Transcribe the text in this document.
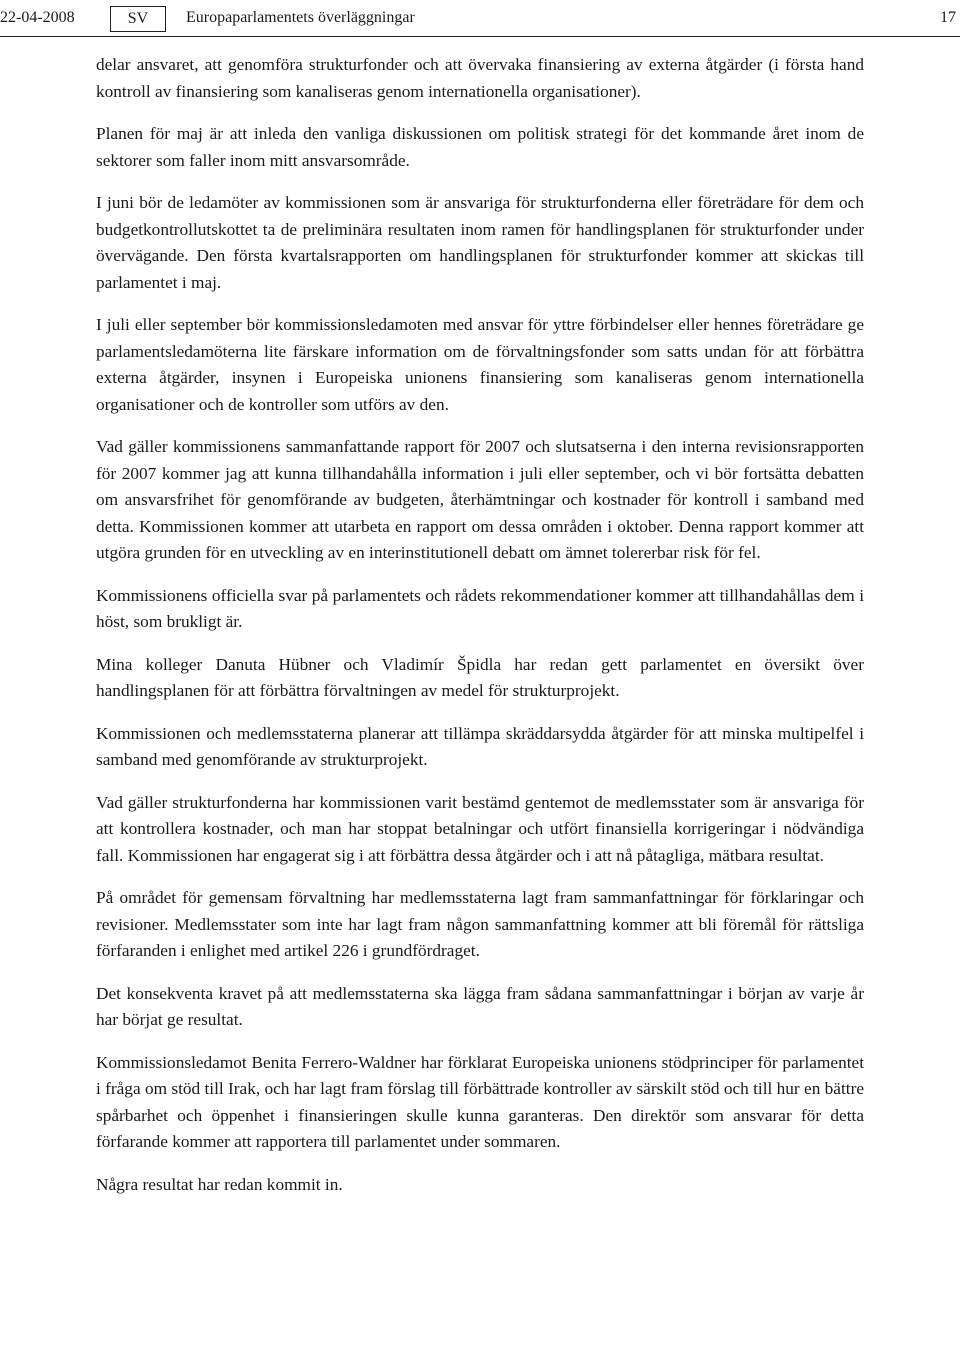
22-04-2008	SV	Europaparlamentets överläggningar	17

delar ansvaret, att genomföra strukturfonder och att övervaka finansiering av externa åtgärder (i första hand kontroll av finansiering som kanaliseras genom internationella organisationer).

Planen för maj är att inleda den vanliga diskussionen om politisk strategi för det kommande året inom de sektorer som faller inom mitt ansvarsområde.

I juni bör de ledamöter av kommissionen som är ansvariga för strukturfonderna eller företrädare för dem och budgetkontrollutskottet ta de preliminära resultaten inom ramen för handlingsplanen för strukturfonder under övervägande. Den första kvartalsrapporten om handlingsplanen för strukturfonder kommer att skickas till parlamentet i maj.

I juli eller september bör kommissionsledamoten med ansvar för yttre förbindelser eller hennes företrädare ge parlamentsledamöterna lite färskare information om de förvaltningsfonder som satts undan för att förbättra externa åtgärder, insynen i Europeiska unionens finansiering som kanaliseras genom internationella organisationer och de kontroller som utförs av den.

Vad gäller kommissionens sammanfattande rapport för 2007 och slutsatserna i den interna revisionsrapporten för 2007 kommer jag att kunna tillhandahålla information i juli eller september, och vi bör fortsätta debatten om ansvarsfrihet för genomförande av budgeten, återhämtningar och kostnader för kontroll i samband med detta. Kommissionen kommer att utarbeta en rapport om dessa områden i oktober. Denna rapport kommer att utgöra grunden för en utveckling av en interinstitutionell debatt om ämnet tolererbar risk för fel.

Kommissionens officiella svar på parlamentets och rådets rekommendationer kommer att tillhandahållas dem i höst, som brukligt är.

Mina kolleger Danuta Hübner och Vladimír Špidla har redan gett parlamentet en översikt över handlingsplanen för att förbättra förvaltningen av medel för strukturprojekt.

Kommissionen och medlemsstaterna planerar att tillämpa skräddarsydda åtgärder för att minska multipelfel i samband med genomförande av strukturprojekt.

Vad gäller strukturfonderna har kommissionen varit bestämd gentemot de medlemsstater som är ansvariga för att kontrollera kostnader, och man har stoppat betalningar och utfört finansiella korrigeringar i nödvändiga fall. Kommissionen har engagerat sig i att förbättra dessa åtgärder och i att nå påtagliga, mätbara resultat.

På området för gemensam förvaltning har medlemsstaterna lagt fram sammanfattningar för förklaringar och revisioner. Medlemsstater som inte har lagt fram någon sammanfattning kommer att bli föremål för rättsliga förfaranden i enlighet med artikel 226 i grundfördraget.

Det konsekventa kravet på att medlemsstaterna ska lägga fram sådana sammanfattningar i början av varje år har börjat ge resultat.

Kommissionsledamot Benita Ferrero-Waldner har förklarat Europeiska unionens stödprinciper för parlamentet i fråga om stöd till Irak, och har lagt fram förslag till förbättrade kontroller av särskilt stöd och till hur en bättre spårbarhet och öppenhet i finansieringen skulle kunna garanteras. Den direktör som ansvarar för detta förfarande kommer att rapportera till parlamentet under sommaren.

Några resultat har redan kommit in.
